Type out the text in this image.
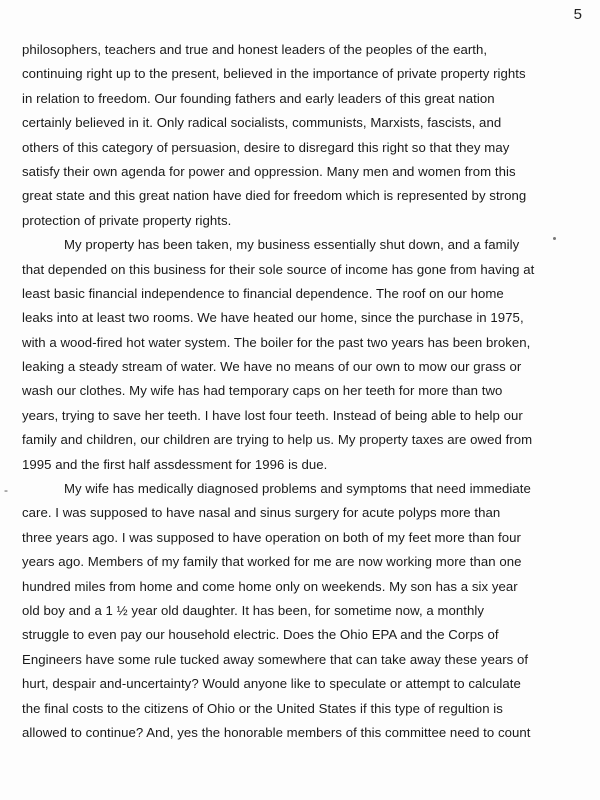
5
-
philosophers, teachers and true and honest leaders of the peoples of the earth,
continuing right up to the present, believed in the importance of private property rights
in relation to freedom. Our founding fathers and early leaders of this great nation
certainly believed in it. Only radical socialists, communists, Marxists, fascists, and
others of this category of persuasion, desire to disregard this right so that they may
satisfy their own agenda for power and oppression. Many men and women from this
great state and this great nation have died for freedom which is represented by strong
protection of private property rights.
My property has been taken, my business essentially shut down, and a family
that depended on this business for their sole source of income has gone from having at
least basic financial independence to financial dependence. The roof on our home
leaks into at least two rooms. We have heated our home, since the purchase in 1975,
with a wood-fired hot water system. The boiler for the past two years has been broken,
leaking a steady stream of water. We have no means of our own to mow our grass or
wash our clothes. My wife has had temporary caps on her teeth for more than two
years, trying to save her teeth. I have lost four teeth. Instead of being able to help our
family and children, our children are trying to help us. My property taxes are owed from
1995 and the first half assdessment for 1996 is due.
My wife has medically diagnosed problems and symptoms that need immediate
care. I was supposed to have nasal and sinus surgery for acute polyps more than
three years ago. I was supposed to have operation on both of my feet more than four
years ago. Members of my family that worked for me are now working more than one
hundred miles from home and come home only on weekends. My son has a six year
old boy and a 1 ½ year old daughter. It has been, for sometime now, a monthly
struggle to even pay our household electric. Does the Ohio EPA and the Corps of
Engineers have some rule tucked away somewhere that can take away these years of
hurt, despair and-uncertainty? Would anyone like to speculate or attempt to calculate
the final costs to the citizens of Ohio or the United States if this type of regultion is
allowed to continue? And, yes the honorable members of this committee need to count
